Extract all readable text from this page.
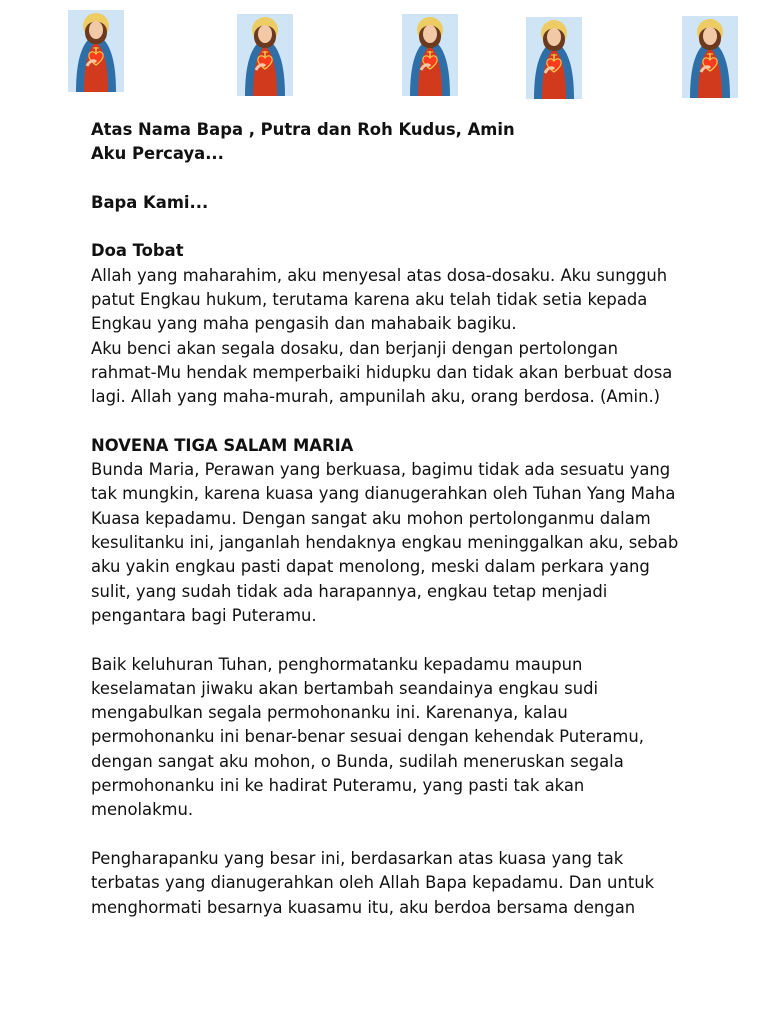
Atas Nama Bapa , Putra dan Roh Kudus, Amin

Aku Percaya...

Bapa Kami...

Doa Tobat

Allah yang maharahim, aku menyesal atas dosa-dosaku. Aku sungguh

patut Engkau hukum, terutama karena aku telah tidak setia kepada

Engkau yang maha pengasih dan mahabaik bagiku.

Aku benci akan segala dosaku, dan berjanji dengan pertolongan

rahmat-Mu hendak memperbaiki hidupku dan tidak akan berbuat dosa

lagi. Allah yang maha-murah, ampunilah aku, orang berdosa. (Amin.)

NOVENA TIGA SALAM MARIA

Bunda Maria, Perawan yang berkuasa, bagimu tidak ada sesuatu yang

tak mungkin, karena kuasa yang dianugerahkan oleh Tuhan Yang Maha

Kuasa kepadamu. Dengan sangat aku mohon pertolonganmu dalam

kesulitanku ini, janganlah hendaknya engkau meninggalkan aku, sebab

aku yakin engkau pasti dapat menolong, meski dalam perkara yang

sulit, yang sudah tidak ada harapannya, engkau tetap menjadi

pengantara bagi Puteramu.

Baik keluhuran Tuhan, penghormatanku kepadamu maupun

keselamatan jiwaku akan bertambah seandainya engkau sudi

mengabulkan segala permohonanku ini. Karenanya, kalau

permohonanku ini benar-benar sesuai dengan kehendak Puteramu,

dengan sangat aku mohon, o Bunda, sudilah meneruskan segala

permohonanku ini ke hadirat Puteramu, yang pasti tak akan

menolakmu.

Pengharapanku yang besar ini, berdasarkan atas kuasa yang tak

terbatas yang dianugerahkan oleh Allah Bapa kepadamu. Dan untuk

menghormati besarnya kuasamu itu, aku berdoa bersama dengan
